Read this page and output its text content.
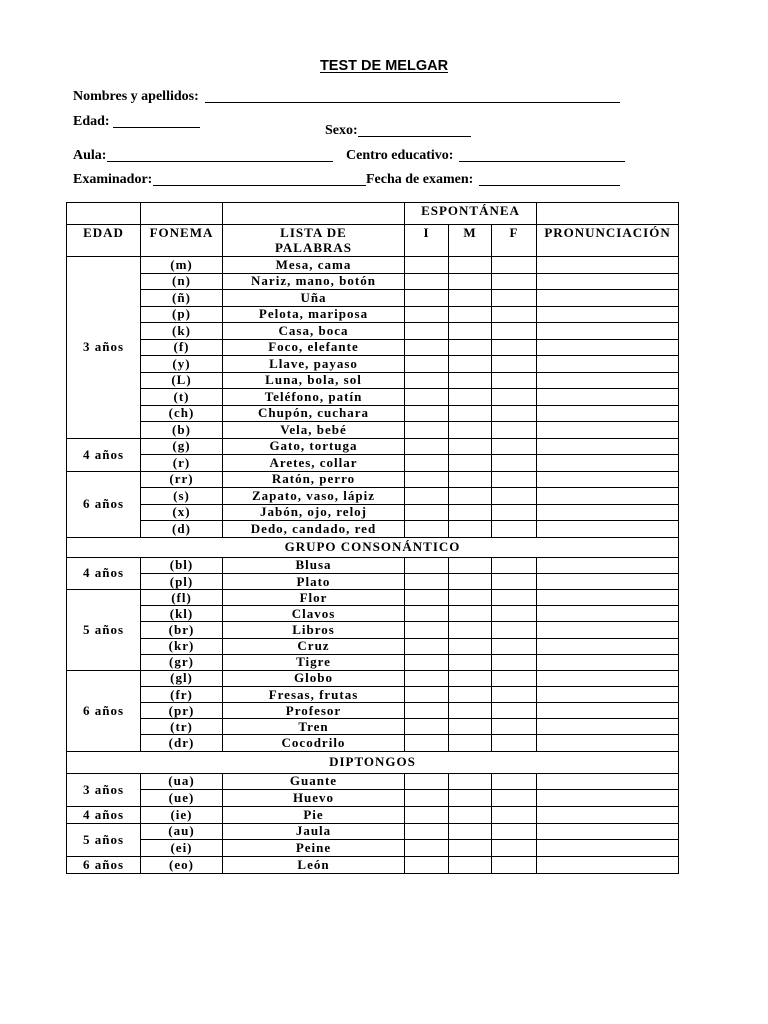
TEST DE MELGAR
Nombres y apellidos:
Edad:
Sexo:
Aula:	Centro educativo:
Examinador:	Fecha de examen:
			ESPONTÁNEA			
EDAD	FONEMA	LISTA DE PALABRAS	I	M	F	PRONUNCIACIÓN
3 años	(m)	Mesa, cama				
	(n)	Nariz, mano, botón				
	(ñ)	Uña				
	(p)	Pelota, mariposa				
	(k)	Casa, boca				
	(f)	Foco, elefante				
	(y)	Llave, payaso				
	(L)	Luna, bola, sol				
	(t)	Teléfono, patín				
	(ch)	Chupón, cuchara				
	(b)	Vela, bebé				
4 años	(g)	Gato, tortuga				
	(r)	Aretes, collar				
6 años	(rr)	Ratón, perro				
	(s)	Zapato, vaso, lápiz				
	(x)	Jabón, ojo, reloj				
	(d)	Dedo, candado, red				
GRUPO CONSONÁNTICO						
4 años	(bl)	Blusa				
	(pl)	Plato				
5 años	(fl)	Flor				
	(kl)	Clavos				
	(br)	Libros				
	(kr)	Cruz				
	(gr)	Tigre				
6 años	(gl)	Globo				
	(fr)	Fresas, frutas				
	(pr)	Profesor				
	(tr)	Tren				
	(dr)	Cocodrilo				
DIPTONGOS						
3 años	(ua)	Guante				
	(ue)	Huevo				
4 años	(ie)	Pie				
5 años	(au)	Jaula				
	(ei)	Peine				
6 años	(eo)	León				
